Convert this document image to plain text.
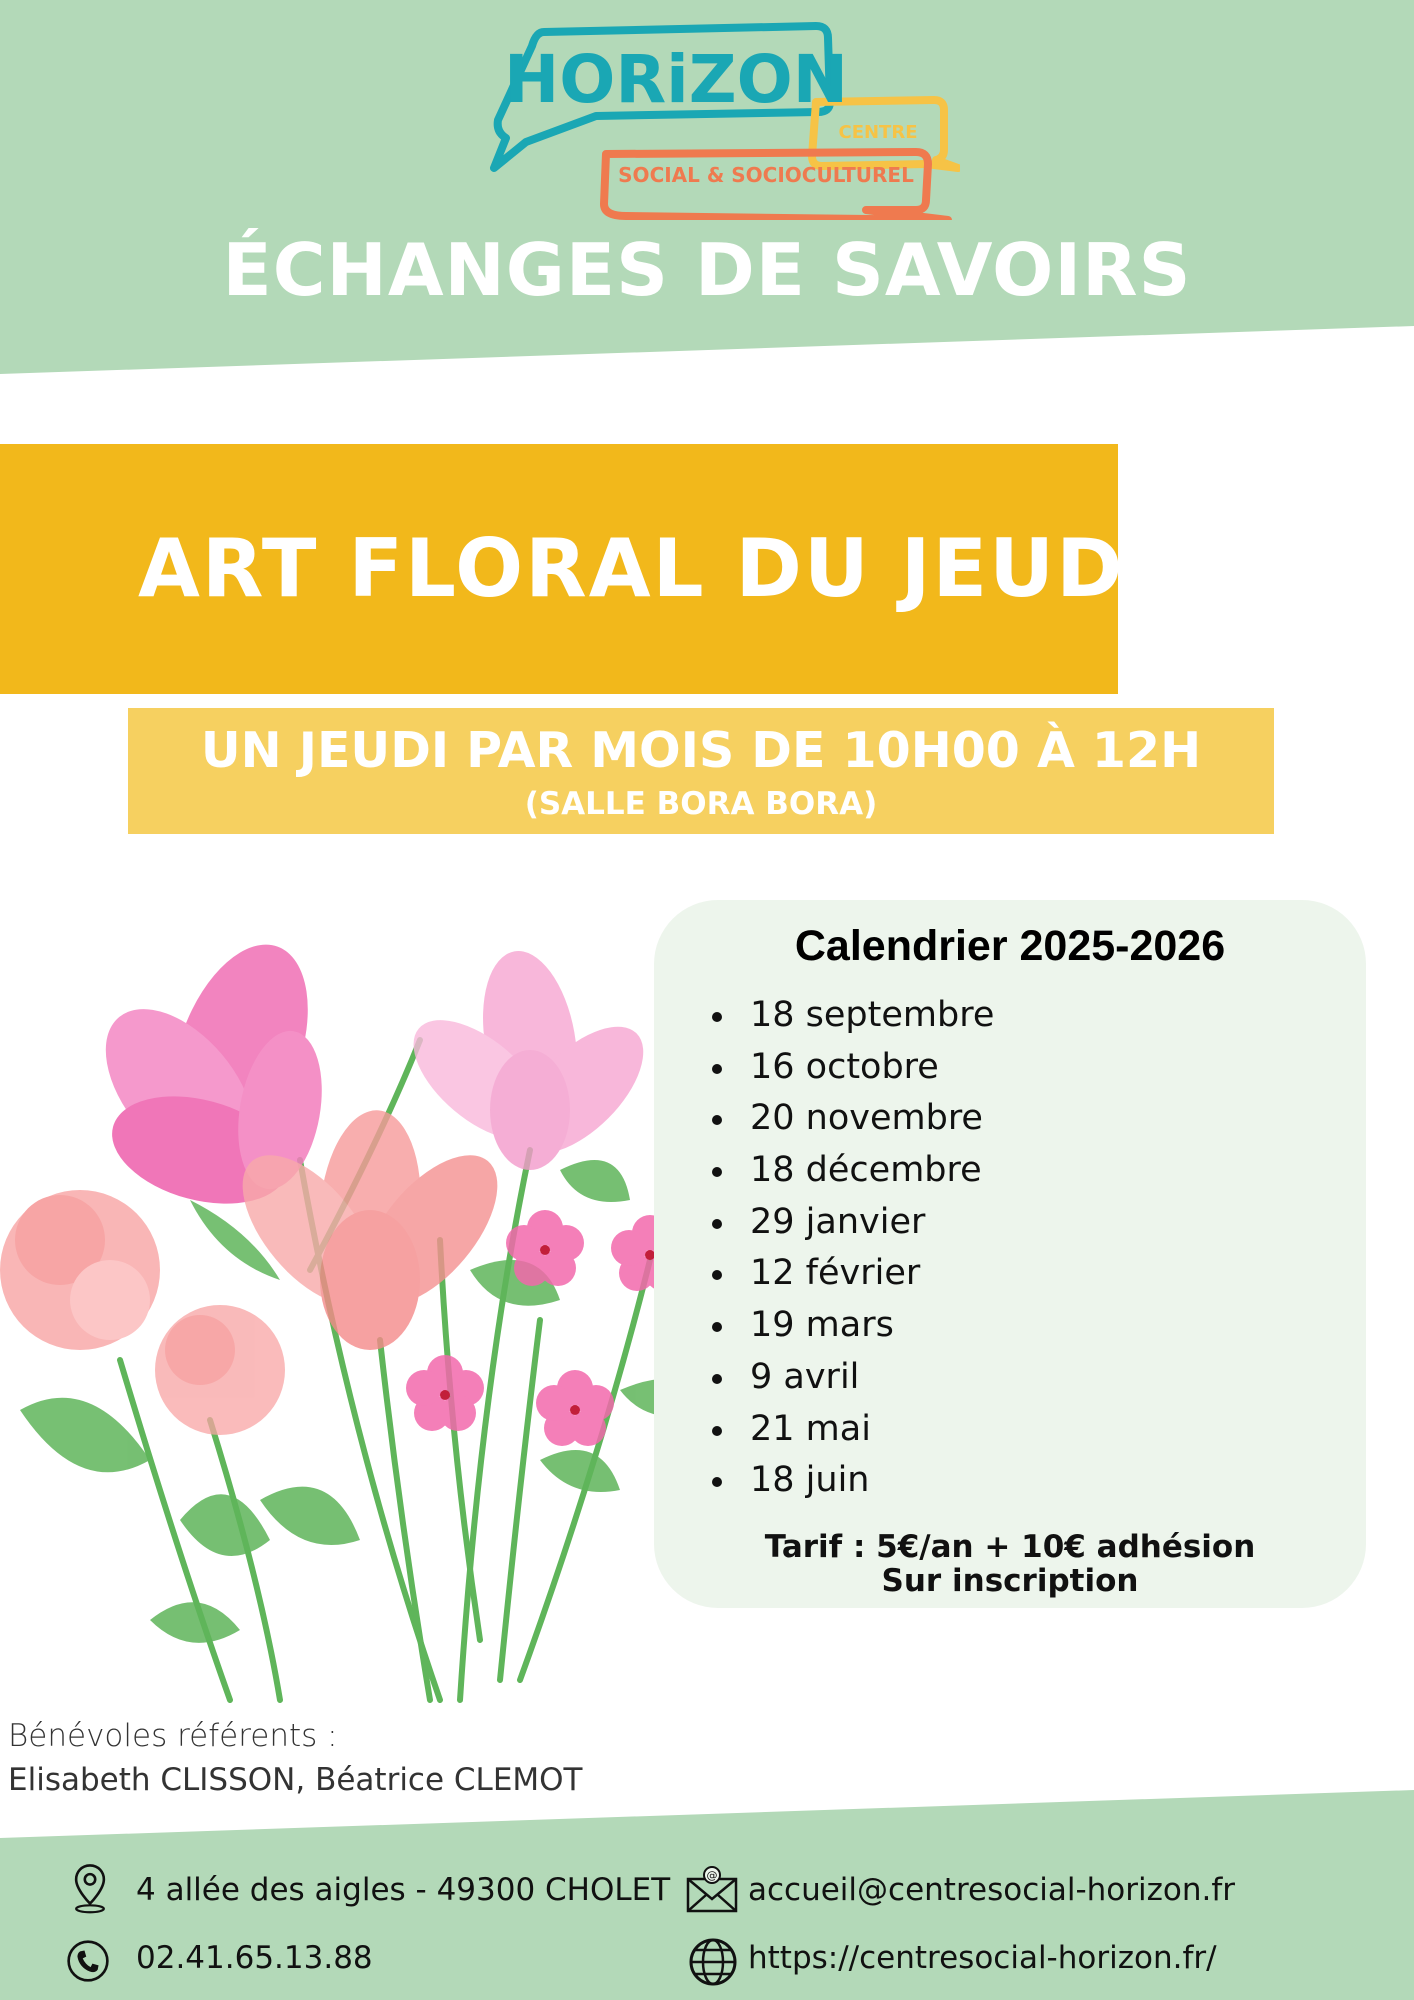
HORiZON
CENTRE
SOCIAL & SOCIOCULTUREL
ÉCHANGES DE SAVOIRS
ART FLORAL DU JEUDI
UN JEUDI PAR MOIS DE 10H00 À 12H
(SALLE BORA BORA)
Calendrier 2025-2026
18 septembre
16 octobre
20 novembre
18 décembre
29 janvier
12 février
19 mars
9 avril
21 mai
18 juin
Tarif : 5€/an + 10€ adhésion
Sur inscription
Bénévoles référents :
Elisabeth CLISSON, Béatrice CLEMOT
4 allée des aigles - 49300 CHOLET
02.41.65.13.88
@ accueil@centresocial-horizon.fr
https://centresocial-horizon.fr/
